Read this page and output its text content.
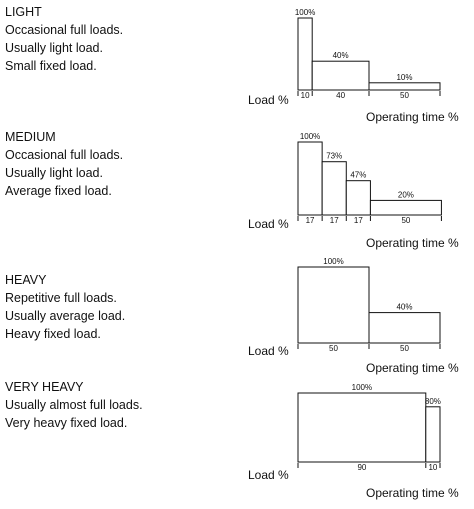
LIGHT
Occasional full loads.
Usually light load.
Small fixed load.
100%
10
40%
40
10%
50
Load %
Operating time %
MEDIUM
Occasional full loads.
Usually light load.
Average fixed load.
100%
17
73%
17
47%
17
20%
50
Load %
Operating time %
HEAVY
Repetitive full loads.
Usually average load.
Heavy fixed load.
100%
50
40%
50
Load %
Operating time %
VERY HEAVY
Usually almost full loads.
Very heavy fixed load.
100%
90
80%
10
Load %
Operating time %
